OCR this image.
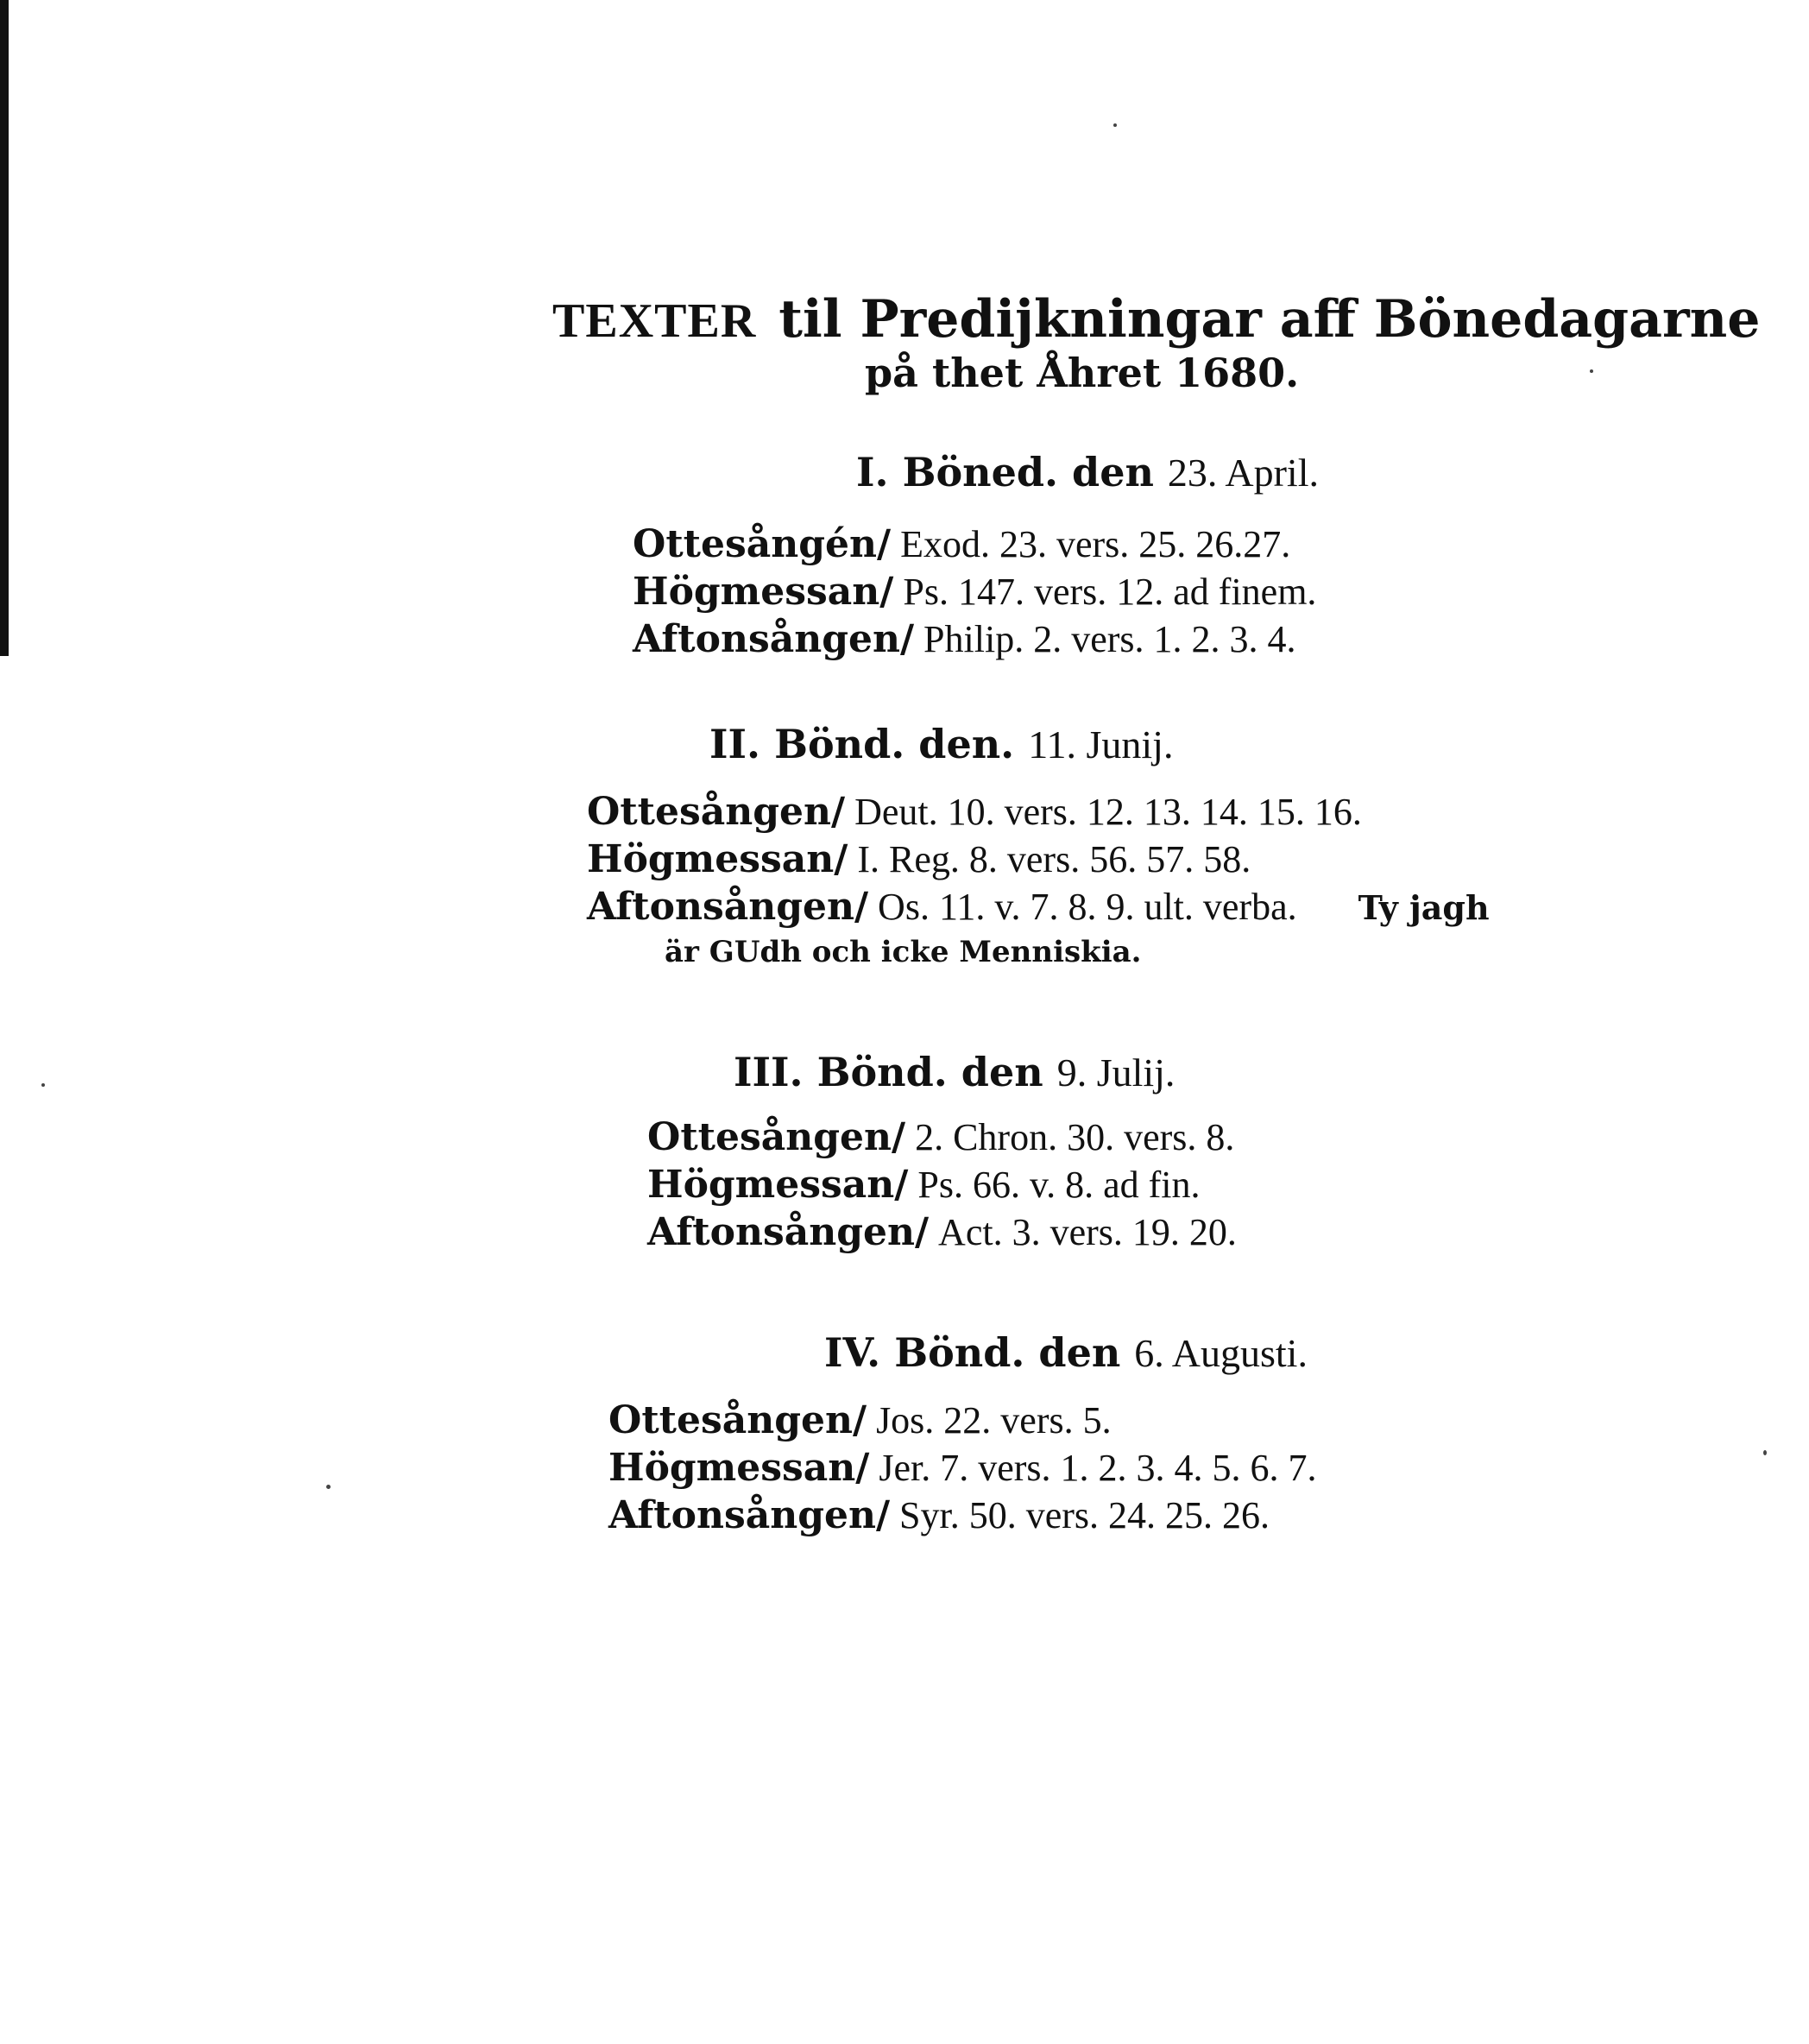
TEXTER til Predijkningar aff Bönedagarne
på thet Åhret 1680.
I. Böned. den 23. April.
Ottesångén/ Exod. 23. vers. 25. 26.27.
Högmessan/ Ps. 147. vers. 12. ad finem.
Aftonsången/ Philip. 2. vers. 1. 2. 3. 4.
II. Bönd. den. 11. Junij.
Ottesången/ Deut. 10. vers. 12. 13. 14. 15. 16.
Högmessan/ I. Reg. 8. vers. 56. 57. 58.
Aftonsången/ Os. 11. v. 7. 8. 9. ult. verba. Ty jagh
är GUdh och icke Menniskia.
III. Bönd. den 9. Julij.
Ottesången/ 2. Chron. 30. vers. 8.
Högmessan/ Ps. 66. v. 8. ad fin.
Aftonsången/ Act. 3. vers. 19. 20.
IV. Bönd. den 6. Augusti.
Ottesången/ Jos. 22. vers. 5.
Högmessan/ Jer. 7. vers. 1. 2. 3. 4. 5. 6. 7.
Aftonsången/ Syr. 50. vers. 24. 25. 26.
